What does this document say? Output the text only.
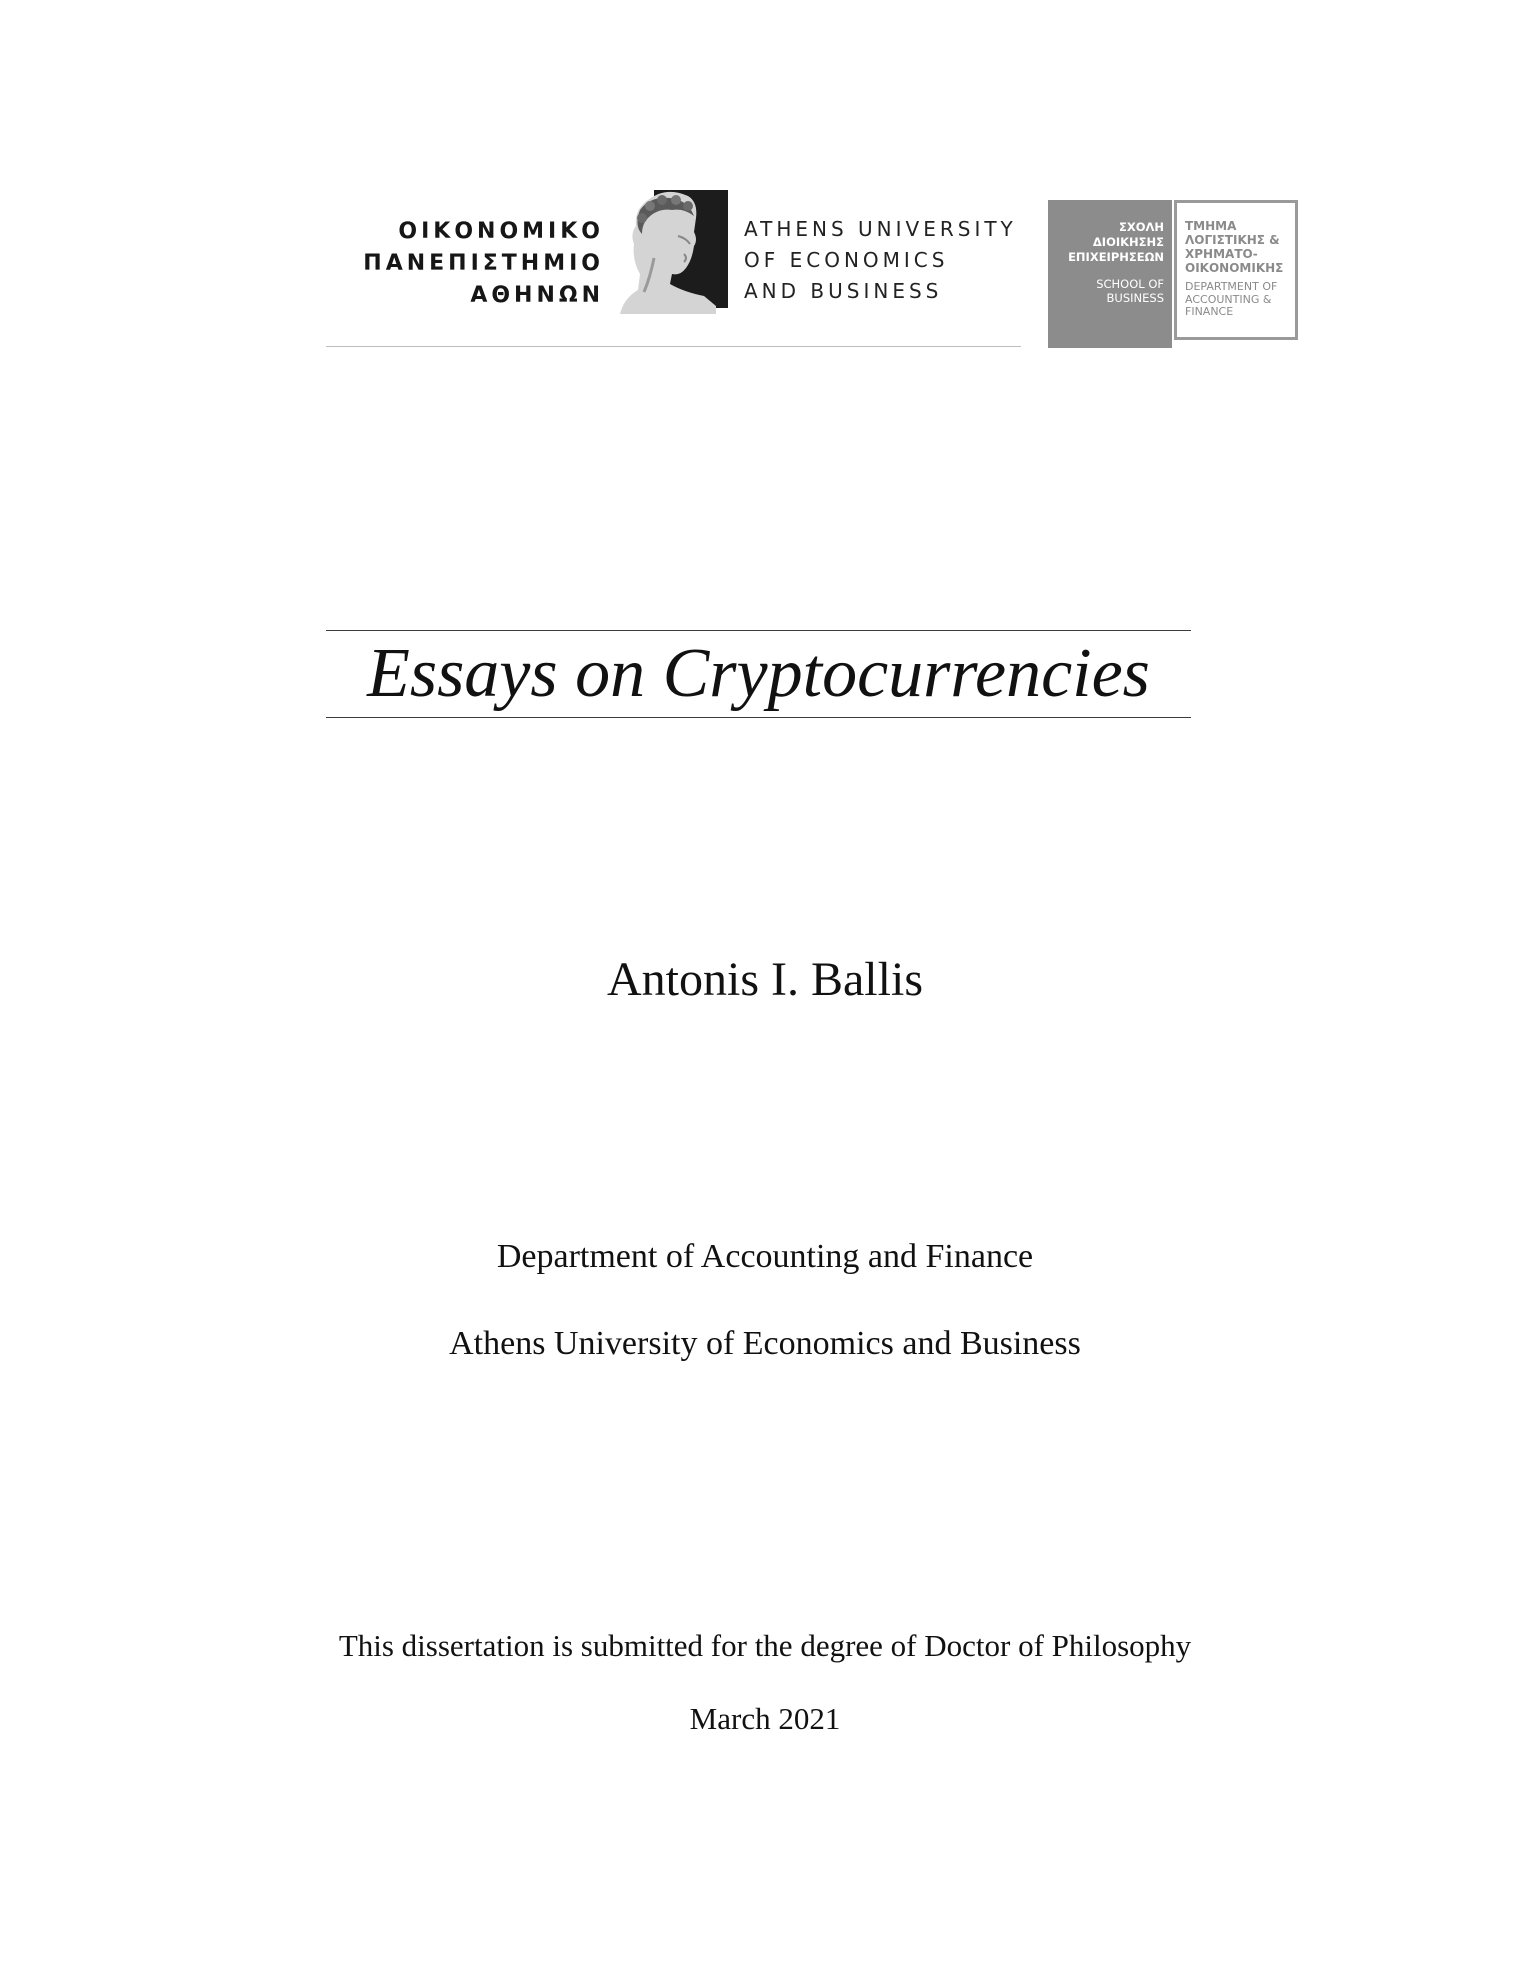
ΟΙΚΟΝΟΜΙΚΟ
ΠΑΝΕΠΙΣΤΗΜΙΟ
ΑΘΗΝΩΝ
ATHENS UNIVERSITY
OF ECONOMICS
AND BUSINESS
ΣΧΟΛΗ
ΔΙΟΙΚΗΣΗΣ
ΕΠΙΧΕΙΡΗΣΕΩΝ
SCHOOL OF
BUSINESS
ΤΜΗΜΑ
ΛΟΓΙΣΤΙΚΗΣ &
ΧΡΗΜΑΤΟ-
ΟΙΚΟΝΟΜΙΚΗΣ
DEPARTMENT OF
ACCOUNTING &
FINANCE
Essays on Cryptocurrencies
Antonis I. Ballis
Department of Accounting and Finance
Athens University of Economics and Business
This dissertation is submitted for the degree of Doctor of Philosophy
March 2021
